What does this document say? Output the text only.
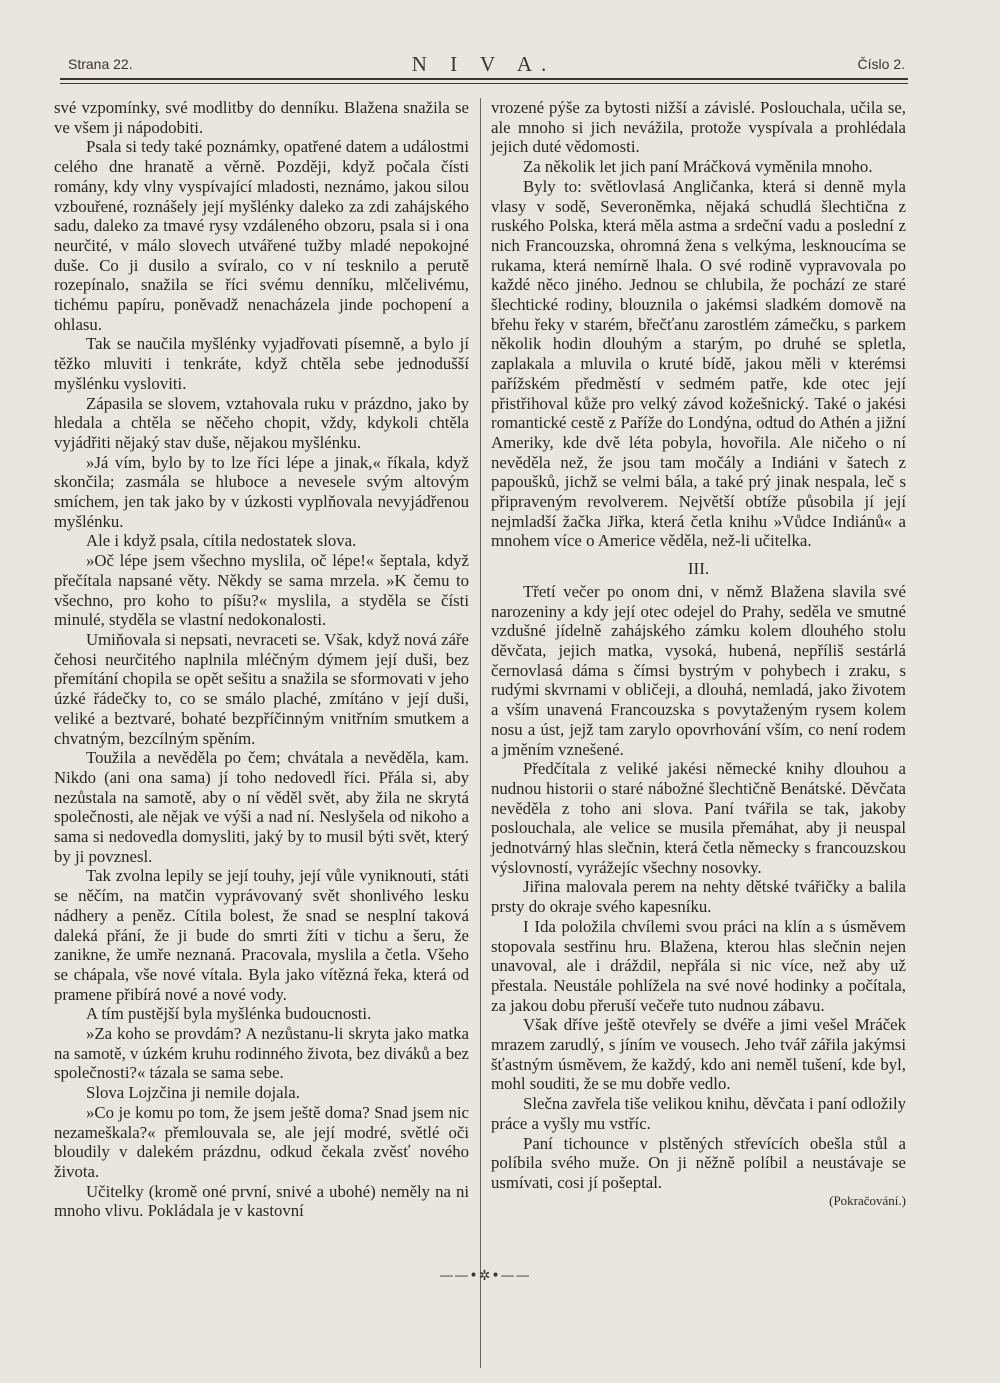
Strana 22.	N I V A.	Číslo 2.

své vzpomínky, své modlitby do denníku. Blažena snažila se ve všem ji nápodobiti.

Psala si tedy také poznámky, opatřené datem a událostmi celého dne hranatě a věrně. Později, když počala čísti romány, kdy vlny vyspívající mladosti, neznámo, jakou silou vzbouřené, roznášely její myšlénky daleko za zdi zahájského sadu, daleko za tmavé rysy vzdáleného obzoru, psala si i ona neurčité, v málo slovech utvářené tužby mladé nepokojné duše. Co ji dusilo a svíralo, co v ní tesknilo a perutě rozepínalo, snažila se říci svému denníku, mlčelivému, tichému papíru, poněvadž nenacházela jinde pochopení a ohlasu.

Tak se naučila myšlénky vyjadřovati písemně, a bylo jí těžko mluviti i tenkráte, když chtěla sebe jednodušší myšlénku vysloviti.

Zápasila se slovem, vztahovala ruku v prázdno, jako by hledala a chtěla se něčeho chopit, vždy, kdykoli chtěla vyjádřiti nějaký stav duše, nějakou myšlénku.

»Já vím, bylo by to lze říci lépe a jinak,« říkala, když skončila; zasmála se hluboce a nevesele svým altovým smíchem, jen tak jako by v úzkosti vyplňovala nevyjádřenou myšlénku.

Ale i když psala, cítila nedostatek slova.

»Oč lépe jsem všechno myslila, oč lépe!« šeptala, když přečítala napsané věty. Někdy se sama mrzela. »K čemu to všechno, pro koho to píšu?« myslila, a styděla se čísti minulé, styděla se vlastní nedokonalosti.

Umiňovala si nepsati, nevraceti se. Však, když nová záře čehosi neurčitého naplnila mléčným dýmem její duši, bez přemítání chopila se opět sešitu a snažila se sformovati v jeho úzké řádečky to, co se smálo plaché, zmítáno v její duši, veliké a beztvaré, bohaté bezpříčinným vnitřním smutkem a chvatným, bezcílným spěním.

Toužila a nevěděla po čem; chvátala a nevěděla, kam. Nikdo (ani ona sama) jí toho nedovedl říci. Přála si, aby nezůstala na samotě, aby o ní věděl svět, aby žila ne skrytá společnosti, ale nějak ve výši a nad ní. Neslyšela od nikoho a sama si nedovedla domysliti, jaký by to musil býti svět, který by ji povznesl.

Tak zvolna lepily se její touhy, její vůle vyniknouti, státi se něčím, na matčin vyprávovaný svět shonlivého lesku nádhery a peněz. Cítila bolest, že snad se nesplní taková daleká přání, že ji bude do smrti žíti v tichu a šeru, že zanikne, že umře neznaná. Pracovala, myslila a četla. Všeho se chápala, vše nové vítala. Byla jako vítězná řeka, která od pramene přibírá nové a nové vody.

A tím pustější byla myšlénka budoucnosti.

»Za koho se provdám? A nezůstanu-li skryta jako matka na samotě, v úzkém kruhu rodinného života, bez diváků a bez společnosti?« tázala se sama sebe.

Slova Lojzčina ji nemile dojala.

»Co je komu po tom, že jsem ještě doma? Snad jsem nic nezameškala?« přemlouvala se, ale její modré, světlé oči bloudily v dalekém prázdnu, odkud čekala zvěsť nového života.

Učitelky (kromě oné první, snivé a ubohé) neměly na ni mnoho vlivu. Pokládala je v kastovní

vrozené pýše za bytosti nižší a závislé. Poslouchala, učila se, ale mnoho si jich nevážila, protože vyspívala a prohlédala jejich duté vědomosti.

Za několik let jich paní Mráčková vyměnila mnoho.

Byly to: světlovlasá Angličanka, která si denně myla vlasy v sodě, Severoněmka, nějaká schudlá šlechtična z ruského Polska, která měla astma a srdeční vadu a poslední z nich Francouzska, ohromná žena s velkýma, lesknoucíma se rukama, která nemírně lhala. O své rodině vypravovala po každé něco jiného. Jednou se chlubila, že pochází ze staré šlechtické rodiny, blouznila o jakémsi sladkém domově na břehu řeky v starém, břečťanu zarostlém zámečku, s parkem několik hodin dlouhým a starým, po druhé se spletla, zaplakala a mluvila o kruté bídě, jakou měli v kterémsi pařížském předměstí v sedmém patře, kde otec její přistřihoval kůže pro velký závod kožešnický. Také o jakési romantické cestě z Paříže do Londýna, odtud do Athén a jižní Ameriky, kde dvě léta pobyla, hovořila. Ale ničeho o ní nevěděla než, že jsou tam močály a Indiáni v šatech z papoušků, jichž se velmi bála, a také prý jinak nespala, leč s připraveným revolverem. Největší obtíže působila jí její nejmladší žačka Jiřka, která četla knihu »Vůdce Indiánů« a mnohem více o Americe věděla, než-li učitelka.

III.

Třetí večer po onom dni, v němž Blažena slavila své narozeniny a kdy její otec odejel do Prahy, seděla ve smutné vzdušné jídelně zahájského zámku kolem dlouhého stolu děvčata, jejich matka, vysoká, hubená, nepříliš sestárlá černovlasá dáma s čímsi bystrým v pohybech i zraku, s rudými skvrnami v obličeji, a dlouhá, nemladá, jako životem a vším unavená Francouzska s povytaženým rysem kolem nosu a úst, jejž tam zarylo opovrhování vším, co není rodem a jměním vznešené.

Předčítala z veliké jakési německé knihy dlouhou a nudnou historii o staré nábožné šlechtičně Benátské. Děvčata nevěděla z toho ani slova. Paní tvářila se tak, jakoby poslouchala, ale velice se musila přemáhat, aby ji neuspal jednotvárný hlas slečnin, která četla německy s francouzskou výslovností, vyrážejíc všechny nosovky.

Jiřina malovala perem na nehty dětské tvářičky a balila prsty do okraje svého kapesníku.

I Ida položila chvílemi svou práci na klín a s úsměvem stopovala sestřinu hru. Blažena, kterou hlas slečnin nejen unavoval, ale i dráždil, nepřála si nic více, než aby už přestala. Neustále pohlížela na své nové hodinky a počítala, za jakou dobu přeruší večeře tuto nudnou zábavu.

Však dříve ještě otevřely se dvéře a jimi vešel Mráček mrazem zarudlý, s jíním ve vousech. Jeho tvář zářila jakýmsi šťastným úsměvem, že každý, kdo ani neměl tušení, kde byl, mohl souditi, že se mu dobře vedlo.

Slečna zavřela tiše velikou knihu, děvčata i paní odložily práce a vyšly mu vstříc.

Paní tichounce v plstěných střevících obešla stůl a políbila svého muže. On ji něžně políbil a neustávaje se usmívati, cosi jí pošeptal.

(Pokračování.)
——•✲•——
